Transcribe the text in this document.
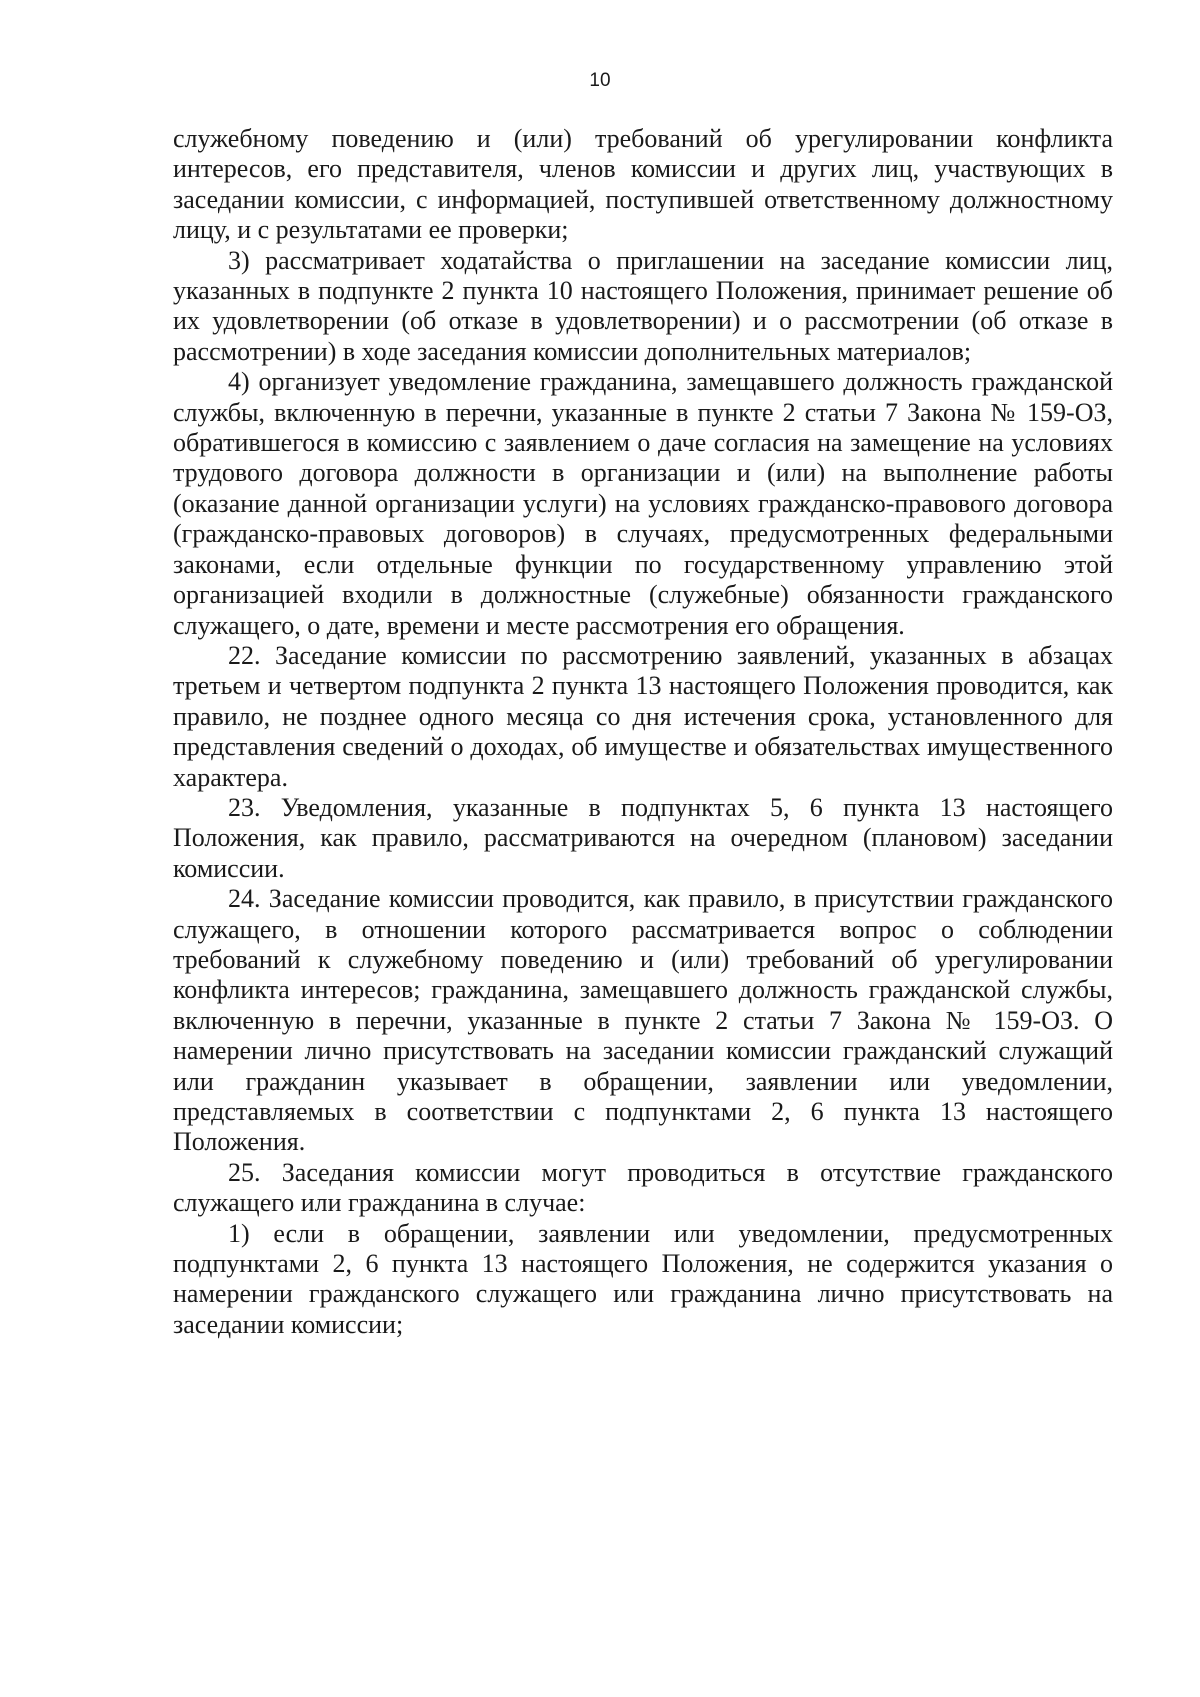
10

служебному поведению и (или) требований об урегулировании конфликта интересов, его представителя, членов комиссии и других лиц, участвующих в заседании комиссии, с информацией, поступившей ответственному должностному лицу, и с результатами ее проверки;

3) рассматривает ходатайства о приглашении на заседание комиссии лиц, указанных в подпункте 2 пункта 10 настоящего Положения, принимает решение об их удовлетворении (об отказе в удовлетворении) и о рассмотрении (об отказе в рассмотрении) в ходе заседания комиссии дополнительных материалов;

4) организует уведомление гражданина, замещавшего должность гражданской службы, включенную в перечни, указанные в пункте 2 статьи 7 Закона № 159-ОЗ, обратившегося в комиссию с заявлением о даче согласия на замещение на условиях трудового договора должности в организации и (или) на выполнение работы (оказание данной организации услуги) на условиях гражданско-правового договора (гражданско-правовых договоров) в случаях, предусмотренных федеральными законами, если отдельные функции по государственному управлению этой организацией входили в должностные (служебные) обязанности гражданского служащего, о дате, времени и месте рассмотрения его обращения.

22. Заседание комиссии по рассмотрению заявлений, указанных в абзацах третьем и четвертом подпункта 2 пункта 13 настоящего Положения проводится, как правило, не позднее одного месяца со дня истечения срока, установленного для представления сведений о доходах, об имуществе и обязательствах имущественного характера.

23. Уведомления, указанные в подпунктах 5, 6 пункта 13 настоящего Положения, как правило, рассматриваются на очередном (плановом) заседании комиссии.

24. Заседание комиссии проводится, как правило, в присутствии гражданского служащего, в отношении которого рассматривается вопрос о соблюдении требований к служебному поведению и (или) требований об урегулировании конфликта интересов; гражданина, замещавшего должность гражданской службы, включенную в перечни, указанные в пункте 2 статьи 7 Закона № 159-ОЗ. О намерении лично присутствовать на заседании комиссии гражданский служащий или гражданин указывает в обращении, заявлении или уведомлении, представляемых в соответствии с подпунктами 2, 6 пункта 13 настоящего Положения.

25. Заседания комиссии могут проводиться в отсутствие гражданского служащего или гражданина в случае:

1) если в обращении, заявлении или уведомлении, предусмотренных подпунктами 2, 6 пункта 13 настоящего Положения, не содержится указания о намерении гражданского служащего или гражданина лично присутствовать на заседании комиссии;
